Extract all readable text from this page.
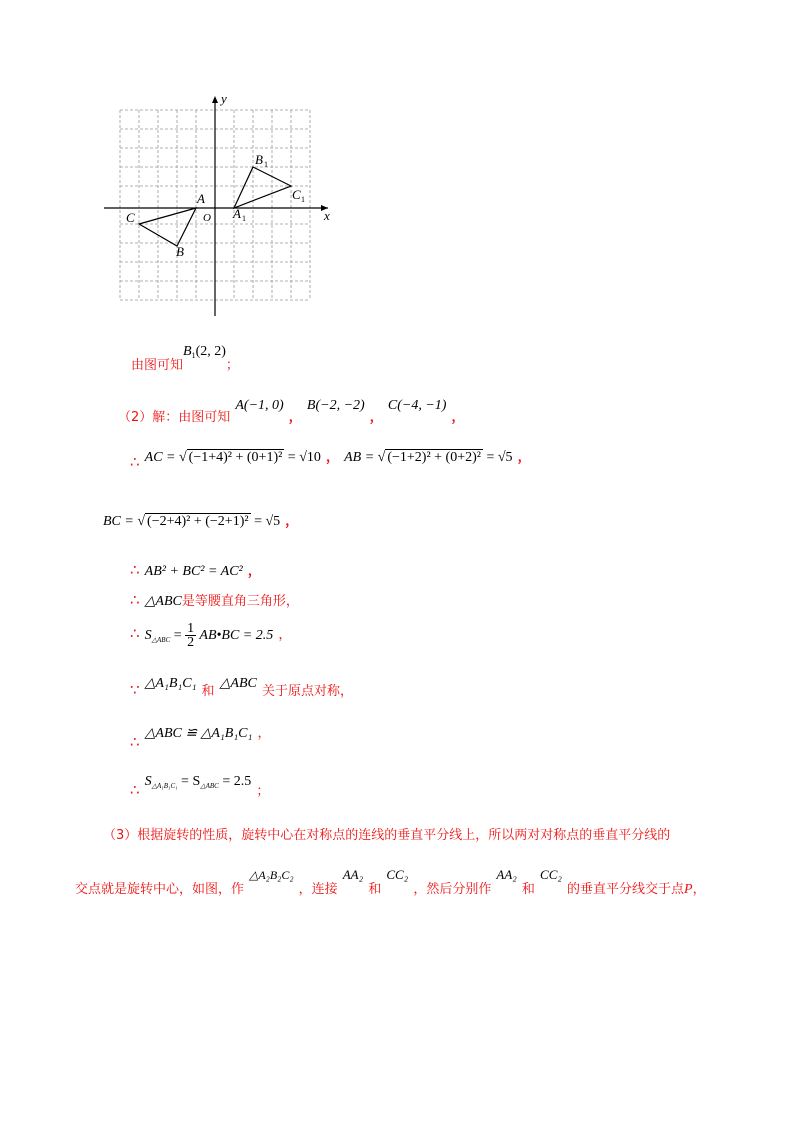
x
y
O
A
B
C	A 1
B 1
C 1
$_{由图可知}B_1(2$, $2)_;$
$_{(2)解:由图可知}$ A(−1, 0) $_,$ B(−2, −2) $_,$ C(−4, −1) $_,$
∴ AC = √ (−1+4)² + (0+1)² = √10 ， AB = √ (−1+2)² + (0+2)² = √5 ，
BC = √ (−2+4)² + (−2+1)² = √5 ，
∴ AB² + BC² = AC² ，
∴ △ABC是等腰直角三角形，
∴ $S_{\triangle ABC} = \frac{1}{2}$ AB•BC = 2.5 ，
∵ △A₁B₁C₁ $_和$ △ABC $_{关于原点对称,}$
∴ △ABC ≌ △A₁B₁C₁ ，
∴ $S_{\triangle A_1B_1C_1} = S_{\triangle ABC} = 2.5$ $_;$
（3）根据旋转的性质，旋转中心在对称点的连线的垂直平分线上，所以两对对称点的垂直平分线的
$_{交点就是旋转中心,如图,作}$ △A₂B₂C₂ $_{,连接}$ AA₂ $_和$ CC₂ $_{,然后分别作}$ AA₂ $_和$ CC₂ $_{的垂直平分线交于点}P_,$
